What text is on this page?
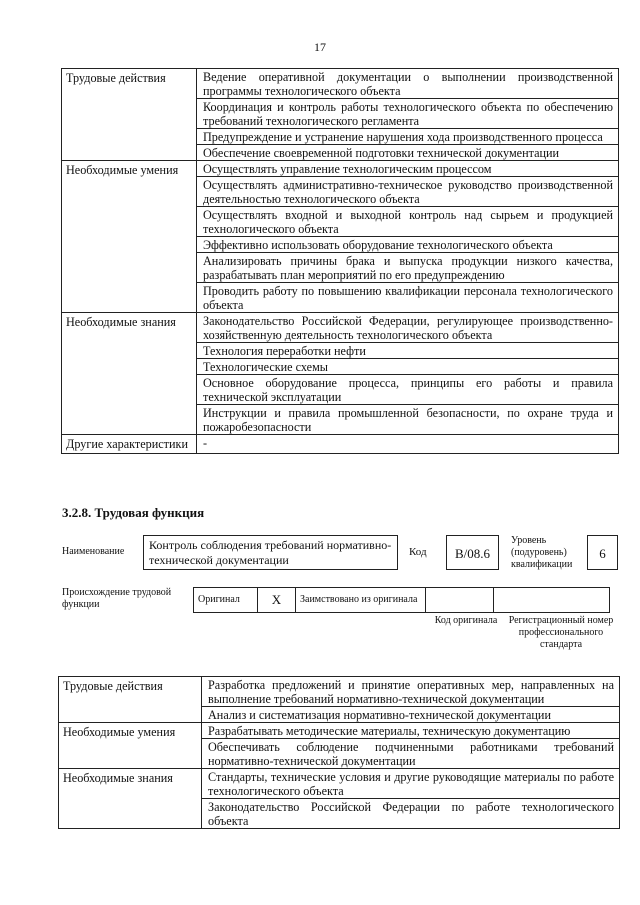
17
Трудовые действия	Ведение оперативной документации о выполнении производственной программы технологического объекта
	Координация и контроль работы технологического объекта по обеспечению требований технологического регламента
	Предупреждение и устранение нарушения хода производственного процесса
	Обеспечение своевременной подготовки технической документации
Необходимые умения	Осуществлять управление технологическим процессом
	Осуществлять административно-техническое руководство производственной деятельностью технологического объекта
	Осуществлять входной и выходной контроль над сырьем и продукцией технологического объекта
	Эффективно использовать оборудование технологического объекта
	Анализировать причины брака и выпуска продукции низкого качества, разрабатывать план мероприятий по его предупреждению
	Проводить работу по повышению квалификации персонала технологического объекта
Необходимые знания	Законодательство Российской Федерации, регулирующее производственно-хозяйственную деятельность технологического объекта
	Технология переработки нефти
	Технологические схемы
	Основное оборудование процесса, принципы его работы и правила технической эксплуатации
	Инструкции и правила промышленной безопасности, по охране труда и пожаробезопасности
Другие характеристики	-
3.2.8. Трудовая функция
Наименование	Контроль соблюдения требований нормативно-технической документации
Код	B/08.6
Уровень (подуровень) квалификации
6
Происхождение трудовой функции	Оригинал	X	Заимствовано из оригинала		
Код оригинала	Регистрационный номер профессионального стандарта
Трудовые действия	Разработка предложений и принятие оперативных мер, направленных на выполнение требований нормативно-технической документации
	Анализ и систематизация нормативно-технической документации
Необходимые умения	Разрабатывать методические материалы, техническую документацию
	Обеспечивать соблюдение подчиненными работниками требований нормативно-технической документации
Необходимые знания	Стандарты, технические условия и другие руководящие материалы по работе технологического объекта
	Законодательство Российской Федерации по работе технологического объекта
